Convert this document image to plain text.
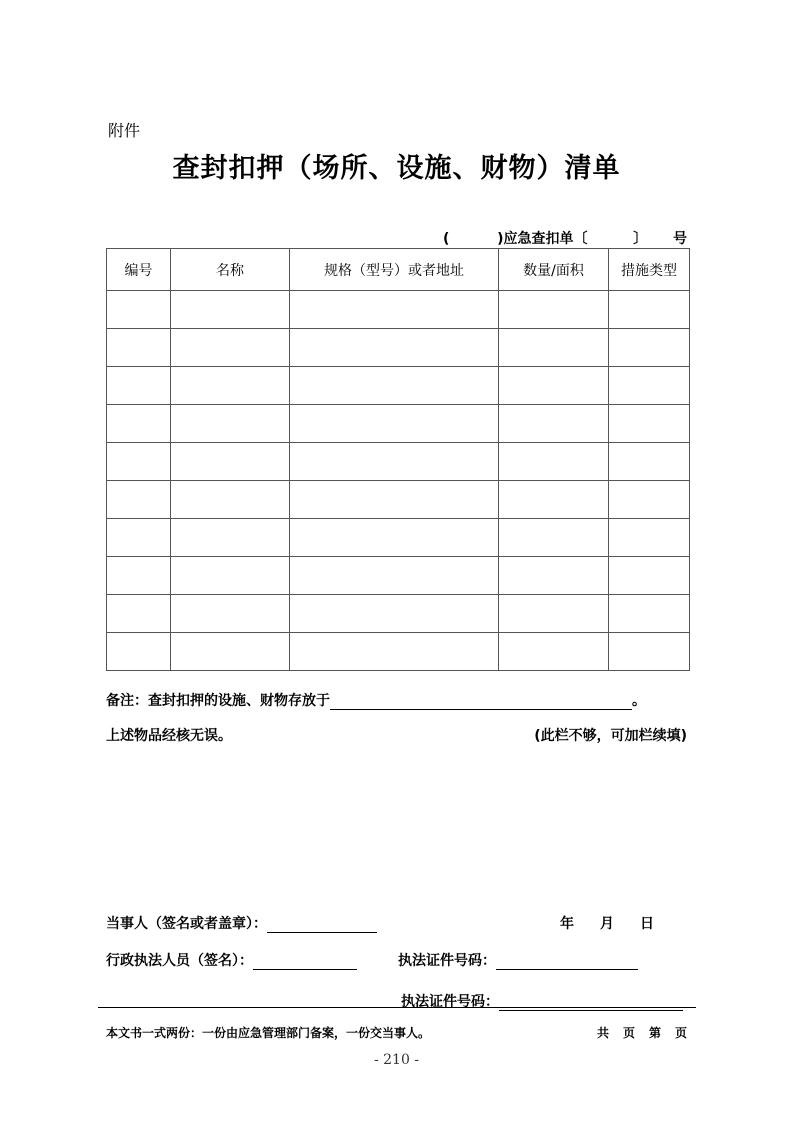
附件
查封扣押（场所、设施、财物）清单
(	)应急查扣单〔	〕 号
编号	名称	规格（型号）或者地址	数量/面积	措施类型

备注：查封扣押的设施、财物存放于	。
上述物品经核无误。	(此栏不够，可加栏续填)
当事人（签名或者盖章）：	年 月 日
行政执法人员（签名）：	执法证件号码：
执法证件号码：
本文书一式两份：一份由应急管理部门备案，一份交当事人。	共 页 第 页
- 210 -
